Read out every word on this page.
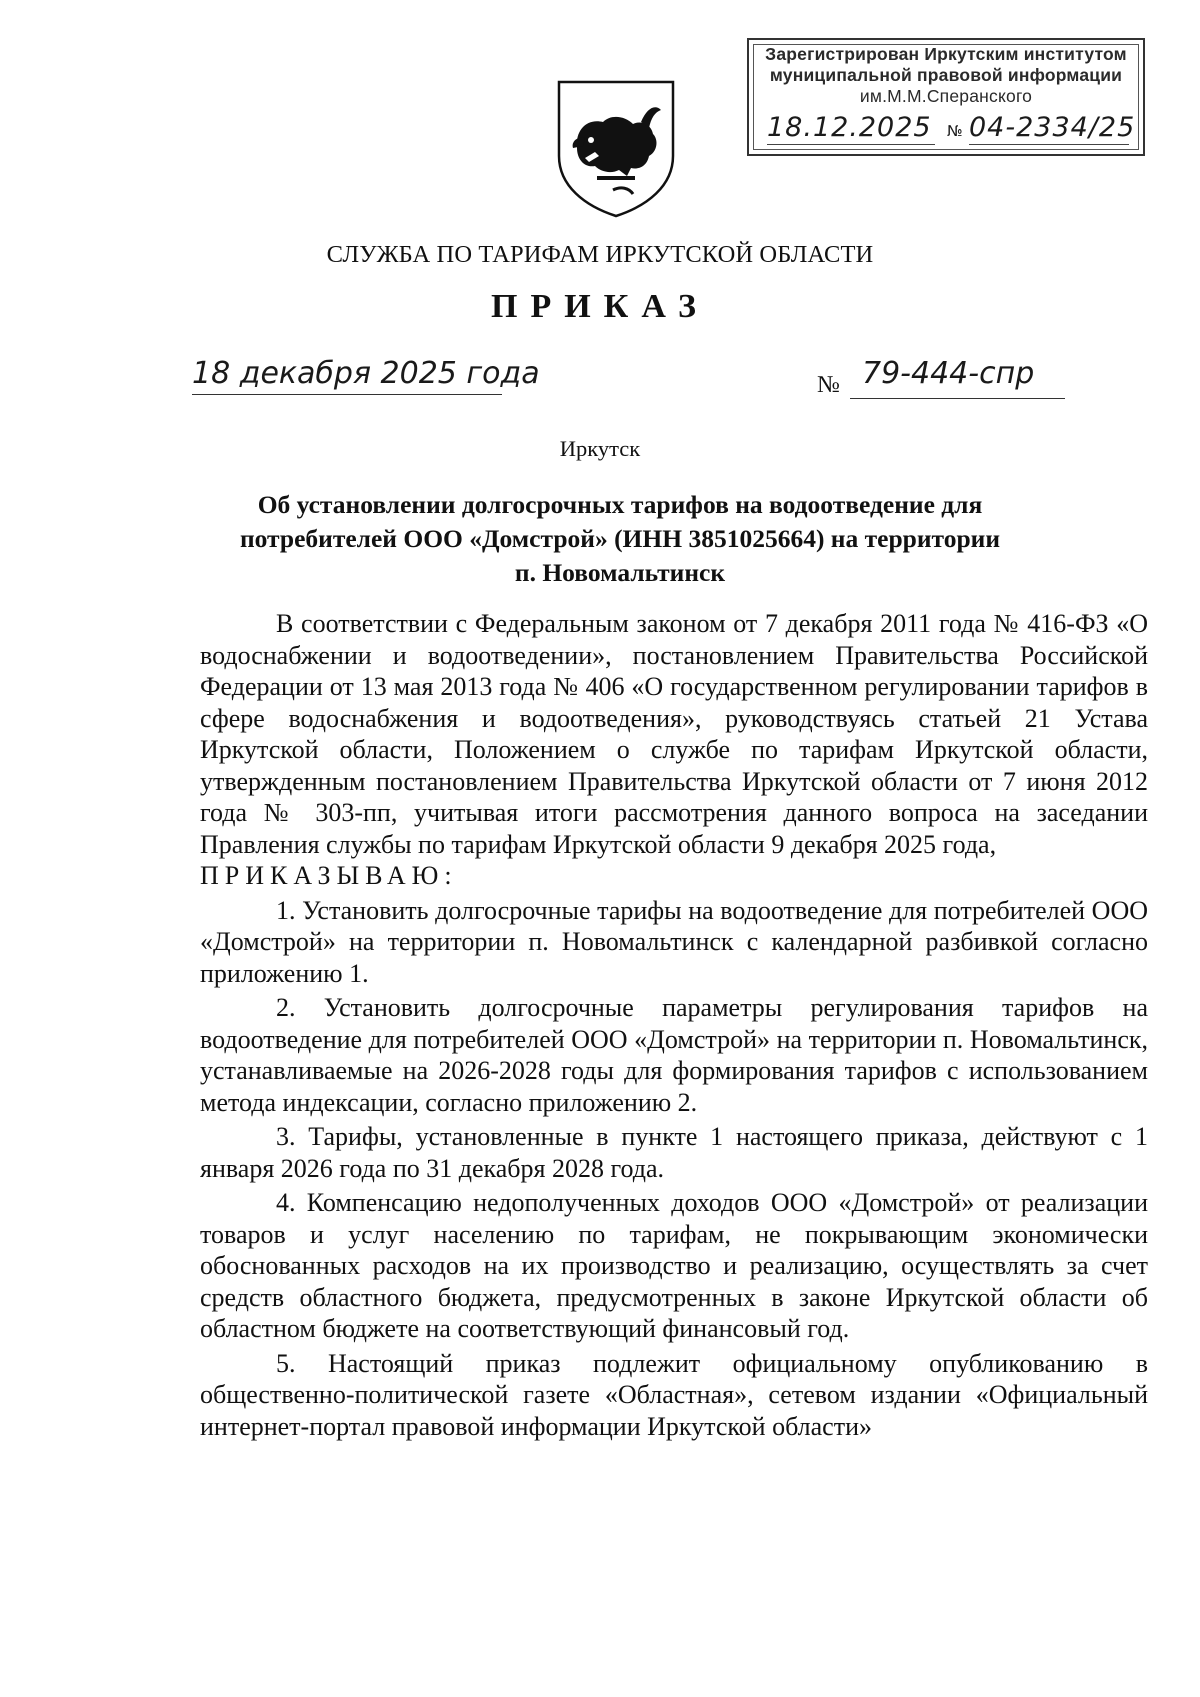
Зарегистрирован Иркутским институтом
муниципальной правовой информации
им.М.М.Сперанского
18.12.2025 № 04-2334/25
СЛУЖБА ПО ТАРИФАМ ИРКУТСКОЙ ОБЛАСТИ
ПРИКАЗ
18 декабря 2025 года	№ 79-444-спр
Иркутск
Об установлении долгосрочных тарифов на водоотведение для
потребителей ООО «Домстрой» (ИНН 3851025664) на территории
п. Новомальтинск

В соответствии с Федеральным законом от 7 декабря 2011 года № 416-ФЗ «О водоснабжении и водоотведении», постановлением Правительства Российской Федерации от 13 мая 2013 года № 406 «О государственном регулировании тарифов в сфере водоснабжения и водоотведения», руководствуясь статьей 21 Устава Иркутской области, Положением о службе по тарифам Иркутской области, утвержденным постановлением Правительства Иркутской области от 7 июня 2012 года № 303-пп, учитывая итоги рассмотрения данного вопроса на заседании Правления службы по тарифам Иркутской области 9 декабря 2025 года,

ПРИКАЗЫВАЮ:

1. Установить долгосрочные тарифы на водоотведение для потребителей ООО «Домстрой» на территории п. Новомальтинск с календарной разбивкой согласно приложению 1.

2. Установить долгосрочные параметры регулирования тарифов на водоотведение для потребителей ООО «Домстрой» на территории п. Новомальтинск, устанавливаемые на 2026-2028 годы для формирования тарифов с использованием метода индексации, согласно приложению 2.

3. Тарифы, установленные в пункте 1 настоящего приказа, действуют с 1 января 2026 года по 31 декабря 2028 года.

4. Компенсацию недополученных доходов ООО «Домстрой» от реализации товаров и услуг населению по тарифам, не покрывающим экономически обоснованных расходов на их производство и реализацию, осуществлять за счет средств областного бюджета, предусмотренных в законе Иркутской области об областном бюджете на соответствующий финансовый год.

5. Настоящий приказ подлежит официальному опубликованию в общественно-политической газете «Областная», сетевом издании «Официальный интернет-портал правовой информации Иркутской области»
